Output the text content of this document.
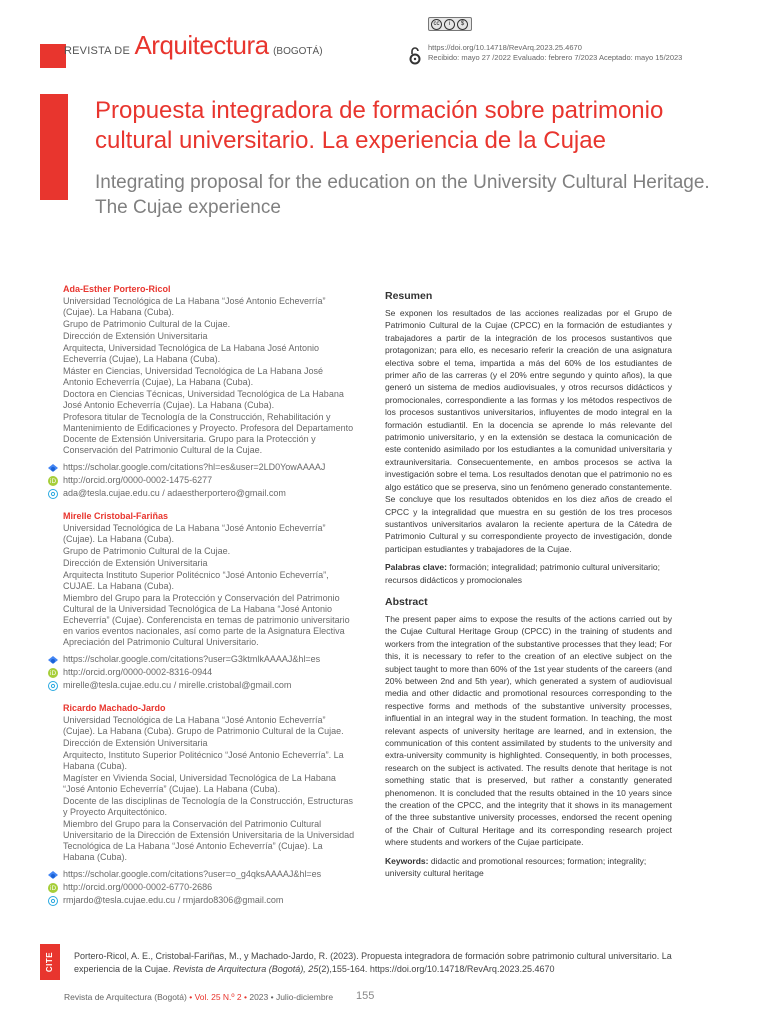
REVISTA DE Arquitectura (BOGOTÁ)
cc	i	$
https://doi.org/10.14718/RevArq.2023.25.4670
Recibido: mayo 27 /2022 Evaluado: febrero 7/2023 Aceptado: mayo 15/2023
Propuesta integradora de formación sobre patrimonio cultural universitario. La experiencia de la Cujae
Integrating proposal for the education on the University Cultural Heritage. The Cujae experience
Ada-Esther Portero-Ricol
Universidad Tecnológica de La Habana “José Antonio Echeverría” (Cujae). La Habana (Cuba).
Grupo de Patrimonio Cultural de la Cujae.
Dirección de Extensión Universitaria
Arquitecta, Universidad Tecnológica de La Habana José Antonio Echeverría (Cujae), La Habana (Cuba).
Máster en Ciencias, Universidad Tecnológica de La Habana José Antonio Echeverría (Cujae), La Habana (Cuba).
Doctora en Ciencias Técnicas, Universidad Tecnológica de La Habana José Antonio Echeverría (Cujae). La Habana (Cuba).
Profesora titular de Tecnología de la Construcción, Rehabilitación y Mantenimiento de Edificaciones y Proyecto. Profesora del Departamento Docente de Extensión Universitaria. Grupo para la Protección y Conservación del Patrimonio Cultural de la Cujae.
https://scholar.google.com/citations?hl=es&user=2LD0YowAAAAJ
iD http://orcid.org/0000-0002-1475-6277
ada@tesla.cujae.edu.cu / adaestherportero@gmail.com
Mirelle Cristobal-Fariñas
Universidad Tecnológica de La Habana “José Antonio Echeverría” (Cujae). La Habana (Cuba).
Grupo de Patrimonio Cultural de la Cujae.
Dirección de Extensión Universitaria
Arquitecta Instituto Superior Politécnico “José Antonio Echeverría”, CUJAE. La Habana (Cuba).
Miembro del Grupo para la Protección y Conservación del Patrimonio Cultural de la Universidad Tecnológica de La Habana “José Antonio Echeverría” (Cujae). Conferencista en temas de patrimonio universitario en varios eventos nacionales, así como parte de la Asignatura Electiva Apreciación del Patrimonio Cultural Universitario.
https://scholar.google.com/citations?user=G3ktmlkAAAAJ&hl=es
iD http://orcid.org/0000-0002-8316-0944
mirelle@tesla.cujae.edu.cu / mirelle.cristobal@gmail.com
Ricardo Machado-Jardo
Universidad Tecnológica de La Habana “José Antonio Echeverría” (Cujae). La Habana (Cuba). Grupo de Patrimonio Cultural de la Cujae.
Dirección de Extensión Universitaria
Arquitecto, Instituto Superior Politécnico “José Antonio Echeverría”. La Habana (Cuba).
Magíster en Vivienda Social, Universidad Tecnológica de La Habana “José Antonio Echeverría” (Cujae). La Habana (Cuba).
Docente de las disciplinas de Tecnología de la Construcción, Estructuras y Proyecto Arquitectónico.
Miembro del Grupo para la Conservación del Patrimonio Cultural Universitario de la Dirección de Extensión Universitaria de la Universidad Tecnológica de La Habana “José Antonio Echeverría” (Cujae). La Habana (Cuba).
https://scholar.google.com/citations?user=o_g4qksAAAAJ&hl=es
iD http://orcid.org/0000-0002-6770-2686
rmjardo@tesla.cujae.edu.cu / rmjardo8306@gmail.com
Resumen

Se exponen los resultados de las acciones realizadas por el Grupo de Patrimonio Cultural de la Cujae (CPCC) en la formación de estudiantes y trabajadores a partir de la integración de los procesos sustantivos que protagonizan; para ello, es necesario referir la creación de una asignatura electiva sobre el tema, impartida a más del 60% de los estudiantes de primer año de las carreras (y el 20% entre segundo y quinto años), la que generó un sistema de medios audiovisuales, y otros recursos didácticos y promocionales, correspondiente a las formas y los métodos respectivos de los procesos sustantivos universitarios, influyentes de modo integral en la formación estudiantil. En la docencia se aprende lo más relevante del patrimonio universitario, y en la extensión se destaca la comunicación de este contenido asimilado por los estudiantes a la comunidad universitaria y extrauniversitaria. Consecuentemente, en ambos procesos se activa la investigación sobre el tema. Los resultados denotan que el patrimonio no es algo estático que se preserva, sino un fenómeno generado constantemente. Se concluye que los resultados obtenidos en los diez años de creado el CPCC y la integralidad que muestra en su gestión de los tres procesos sustantivos universitarios avalaron la reciente apertura de la Cátedra de Patrimonio Cultural y su correspondiente proyecto de investigación, donde participan estudiantes y trabajadores de la Cujae.

Palabras clave: formación; integralidad; patrimonio cultural universitario; recursos didácticos y promocionales
Abstract

The present paper aims to expose the results of the actions carried out by the Cujae Cultural Heritage Group (CPCC) in the training of students and workers from the integration of the substantive processes that they lead; For this, it is necessary to refer to the creation of an elective subject on the subject taught to more than 60% of the 1st year students of the careers (and 20% between 2nd and 5th year), which generated a system of audiovisual media and other didactic and promotional resources corresponding to the respective forms and methods of the substantive university processes, influential in an integral way in the student formation. In teaching, the most relevant aspects of university heritage are learned, and in extension, the communication of this content assimilated by students to the university and extra-university community is highlighted. Consequently, in both processes, research on the subject is activated. The results denote that heritage is not something static that is preserved, but rather a constantly generated phenomenon. It is concluded that the results obtained in the 10 years since the creation of the CPCC, and the integrity that it shows in its management of the three substantive university processes, endorsed the recent opening of the Chair of Cultural Heritage and its corresponding research project where students and workers of the Cujae participate.

Keywords: didactic and promotional resources; formation; integrality; university cultural heritage
CITE	Portero-Ricol, A. E., Cristobal-Fariñas, M., y Machado-Jardo, R. (2023). Propuesta integradora de formación sobre patrimonio cultural universitario. La experiencia de la Cujae. Revista de Arquitectura (Bogotá), 25(2),155-164. https://doi.org/10.14718/RevArq.2023.25.4670
Revista de Arquitectura (Bogotá) • Vol. 25 N.º 2 • 2023 • Julio-diciembre	155
